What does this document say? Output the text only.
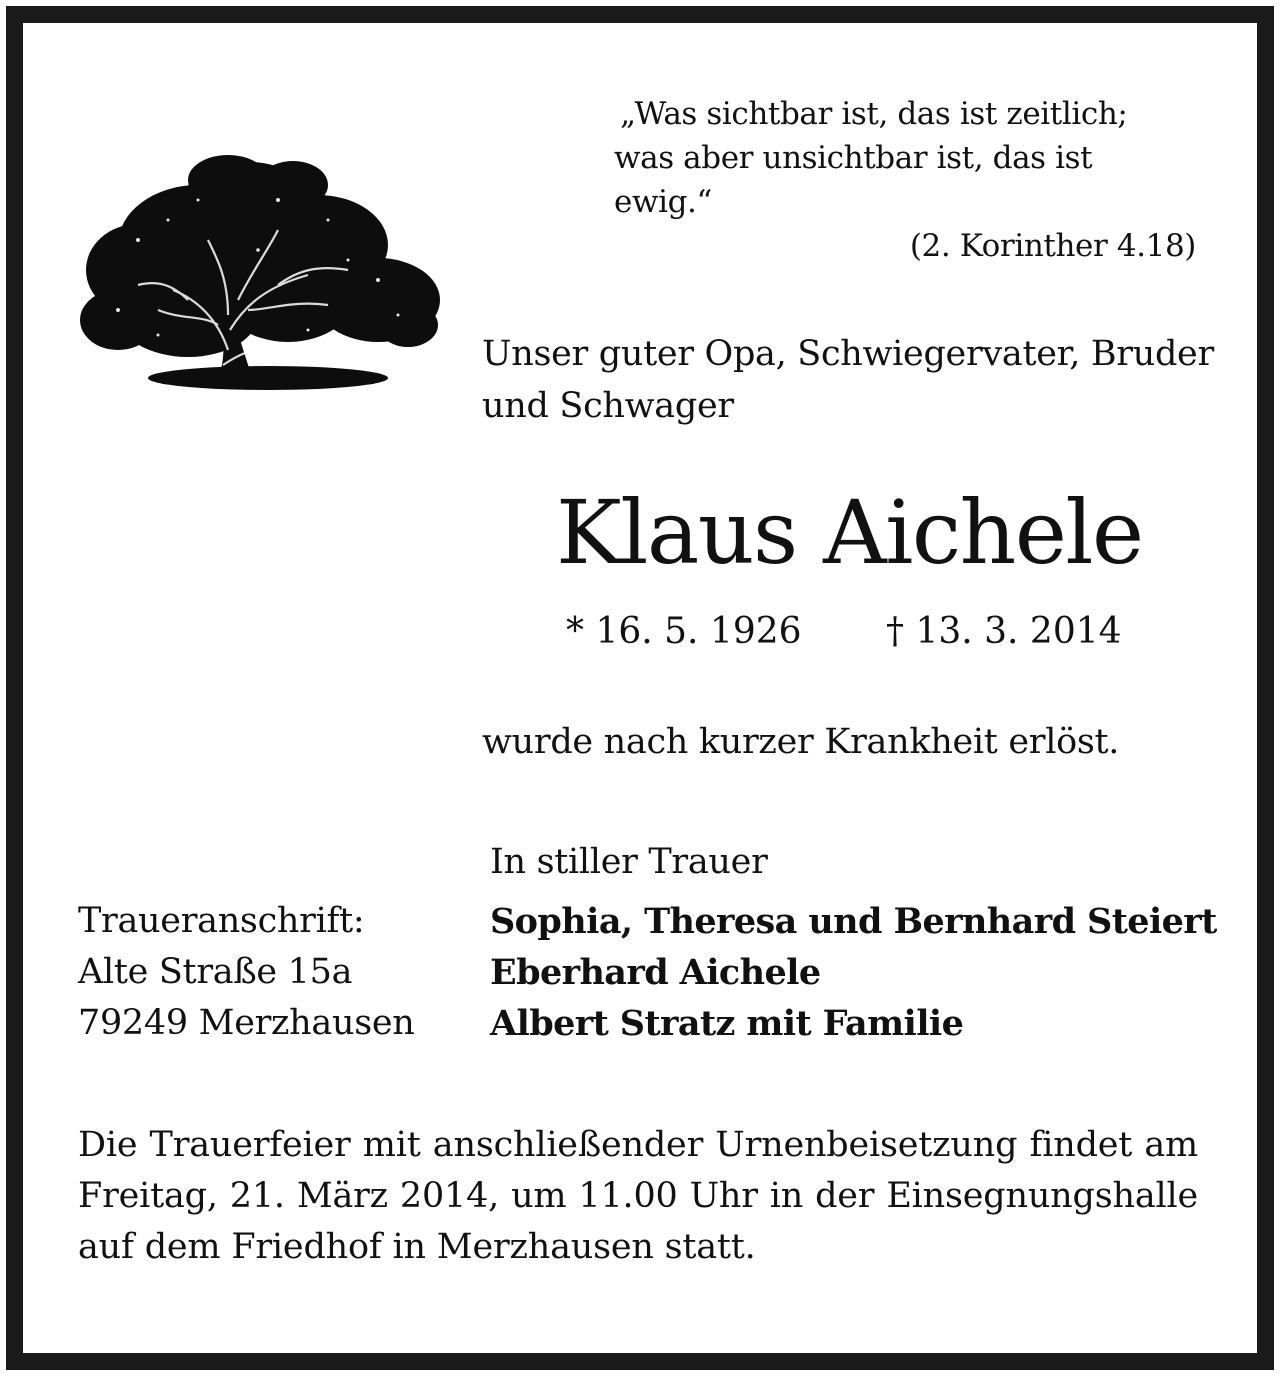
„Was sichtbar ist, das ist zeitlich;
was aber unsichtbar ist, das ist ewig.“
(2. Korinther 4.18)
Unser guter Opa, Schwiegervater, Bruder
und Schwager
Klaus Aichele
* 16. 5. 1926 † 13. 3. 2014
wurde nach kurzer Krankheit erlöst.
In stiller Trauer
Traueranschrift:
Alte Straße 15a
79249 Merzhausen
Sophia, Theresa und Bernhard Steiert
Eberhard Aichele
Albert Stratz mit Familie
Die Trauerfeier mit anschließender Urnenbeisetzung findet am
Freitag, 21. März 2014, um 11.00 Uhr in der Einsegnungshalle
auf dem Friedhof in Merzhausen statt.
